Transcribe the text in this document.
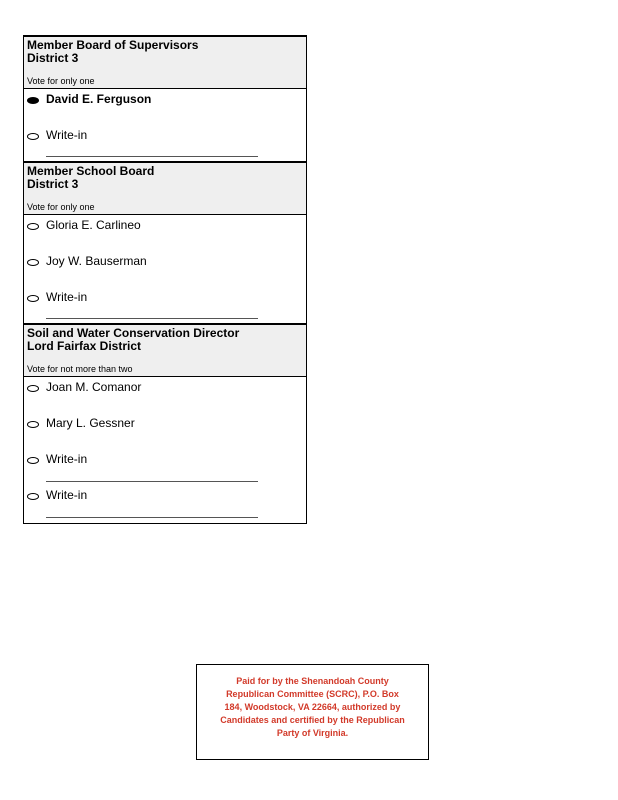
Member Board of Supervisors
District 3
Vote for only one
David E. Ferguson
Write-in
Member School Board
District 3
Vote for only one
Gloria E. Carlineo
Joy W. Bauserman
Write-in
Soil and Water Conservation Director
Lord Fairfax District
Vote for not more than two
Joan M. Comanor
Mary L. Gessner
Write-in
Write-in
Paid for by the Shenandoah County Republican Committee (SCRC), P.O. Box 184, Woodstock, VA 22664, authorized by Candidates and certified by the Republican Party of Virginia.
